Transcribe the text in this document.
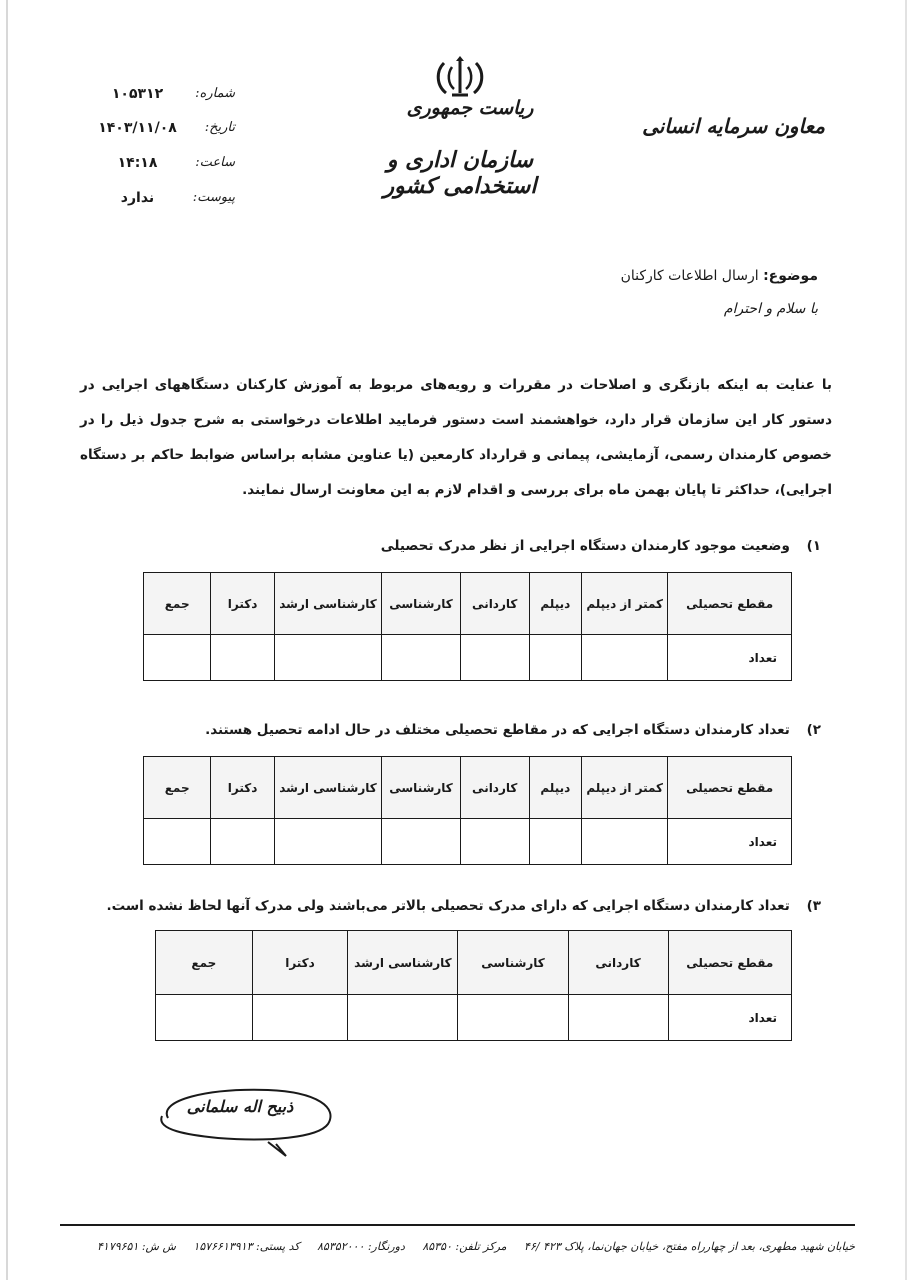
ریاست جمهوری
سازمان اداری و استخدامی کشور
معاون سرمایه انسانی
شماره:
۱۰۵۳۱۲
تاریخ:
۱۴۰۳/۱۱/۰۸
ساعت:
۱۴:۱۸
پیوست:
ندارد
موضوع: ارسال اطلاعات کارکنان
با سلام و احترام
با عنایت به اینکه بازنگری و اصلاحات در مقررات و رویه‌های مربوط به آموزش کارکنان دستگاههای اجرایی در دستور کار این سازمان قرار دارد، خواهشمند است دستور فرمایید اطلاعات درخواستی به شرح جدول ذیل را در خصوص کارمندان رسمی، آزمایشی، پیمانی و قرارداد کارمعین (یا عناوین مشابه براساس ضوابط حاکم بر دستگاه اجرایی)، حداکثر تا پایان بهمن ماه برای بررسی و اقدام لازم به این معاونت ارسال نمایند.
۱) وضعیت موجود کارمندان دستگاه اجرایی از نظر مدرک تحصیلی
مقطع تحصیلی	کمتر از دیپلم	دیپلم	کاردانی	کارشناسی	کارشناسی ارشد	دکترا	جمع
تعداد							
۲) تعداد کارمندان دستگاه اجرایی که در مقاطع تحصیلی مختلف در حال ادامه تحصیل هستند.
مقطع تحصیلی	کمتر از دیپلم	دیپلم	کاردانی	کارشناسی	کارشناسی ارشد	دکترا	جمع
تعداد							
۳) تعداد کارمندان دستگاه اجرایی که دارای مدرک تحصیلی بالاتر می‌باشند ولی مدرک آنها لحاظ نشده است.
مقطع تحصیلی	کاردانی	کارشناسی	کارشناسی ارشد	دکترا	جمع
تعداد					
ذبیح اله سلمانی
خیابان شهید مطهری، بعد از چهارراه مفتح، خیابان جهان‌نما، پلاک ۴۲۳ /۴۶ مرکز تلفن: ۸۵۳۵۰ دورنگار: ۸۵۳۵۲۰۰۰ کد پستی: ۱۵۷۶۶۱۳۹۱۳ ش ش: ۴۱۷۹۶۵۱
